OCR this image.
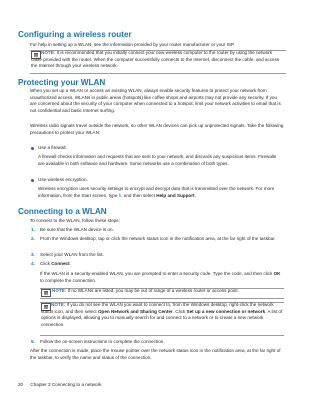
Configuring a wireless router

For help in setting up a WLAN, see the information provided by your router manufacturer or your ISP.

NOTE: It is recommended that you initially connect your new wireless computer to the router by using the network cable provided with the router. When the computer successfully connects to the Internet, disconnect the cable, and access the Internet through your wireless network.

Protecting your WLAN

When you set up a WLAN or access an existing WLAN, always enable security features to protect your network from unauthorized access. WLANs in public areas (hotspots) like coffee shops and airports may not provide any security. If you are concerned about the security of your computer when connected to a hotspot, limit your network activities to email that is not confidential and basic Internet surfing.

Wireless radio signals travel outside the network, so other WLAN devices can pick up unprotected signals. Take the following precautions to protect your WLAN:

Use a firewall.

A firewall checks information and requests that are sent to your network, and discards any suspicious items. Firewalls are available in both software and hardware. Some networks use a combination of both types.

Use wireless encryption.

Wireless encryption uses security settings to encrypt and decrypt data that is transmitted over the network. For more information, from the Start screen, type h, and then select Help and Support.

Connecting to a WLAN

To connect to the WLAN, follow these steps:

1. Be sure that the WLAN device is on.

2. From the Windows desktop, tap or click the network status icon in the notification area, at the far right of the taskbar.

3. Select your WLAN from the list.

4. Click Connect.

If the WLAN is a security-enabled WLAN, you are prompted to enter a security code. Type the code, and then click OK to complete the connection.

NOTE: If no WLANs are listed, you may be out of range of a wireless router or access point.

NOTE: If you do not see the WLAN you want to connect to, from the Windows desktop, right-click the network status icon, and then select Open Network and Sharing Center. Click Set up a new connection or network. A list of options is displayed, allowing you to manually search for and connect to a network or to create a new network connection.

5. Follow the on-screen instructions to complete the connection.

After the connection is made, place the mouse pointer over the network status icon in the notification area, at the far right of the taskbar, to verify the name and status of the connection.

20 Chapter 3 Connecting to a network
